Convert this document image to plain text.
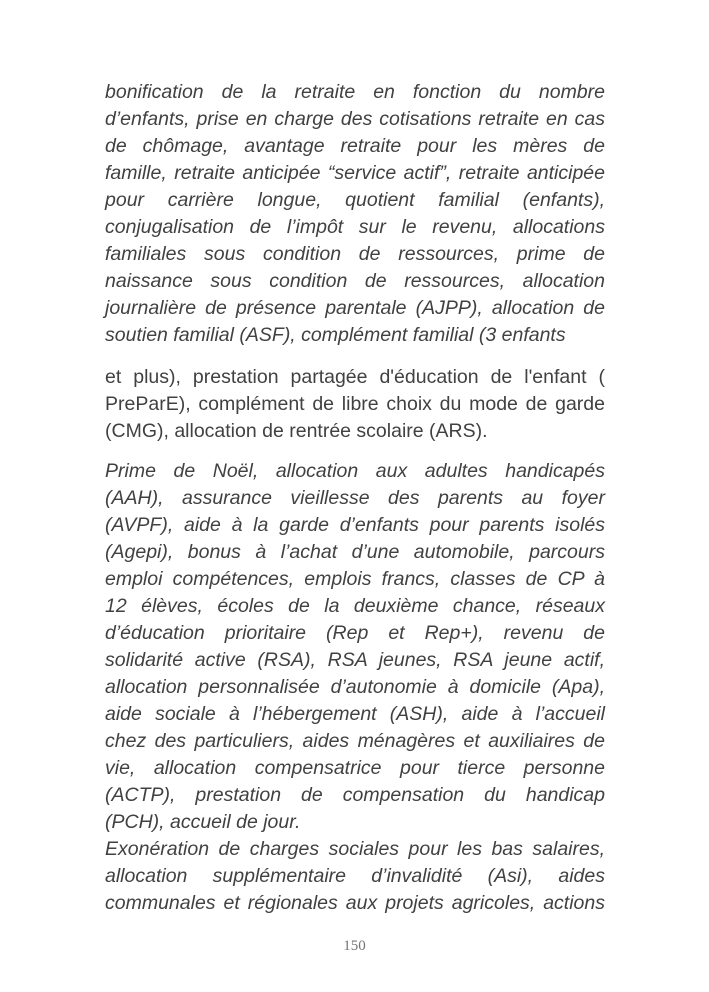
bonification de la retraite en fonction du nombre
d’enfants, prise en charge des cotisations retraite en cas
de chômage, avantage retraite pour les mères de
famille, retraite anticipée “service actif”, retraite anticipée
pour carrière longue, quotient familial (enfants),
conjugalisation de l’impôt sur le revenu, allocations
familiales sous condition de ressources, prime de
naissance sous condition de ressources, allocation
journalière de présence parentale (AJPP), allocation de
soutien familial (ASF), complément familial (3 enfants
et plus), prestation partagée d'éducation de l'enfant (
PreParE), complément de libre choix du mode de garde
(CMG), allocation de rentrée scolaire (ARS).
Prime de Noël, allocation aux adultes handicapés
(AAH), assurance vieillesse des parents au foyer
(AVPF), aide à la garde d’enfants pour parents isolés
(Agepi), bonus à l’achat d’une automobile, parcours
emploi compétences, emplois francs, classes de CP à
12 élèves, écoles de la deuxième chance, réseaux
d’éducation prioritaire (Rep et Rep+), revenu de
solidarité active (RSA), RSA jeunes, RSA jeune actif,
allocation personnalisée d’autonomie à domicile (Apa),
aide sociale à l’hébergement (ASH), aide à l’accueil
chez des particuliers, aides ménagères et auxiliaires de
vie, allocation compensatrice pour tierce personne
(ACTP), prestation de compensation du handicap
(PCH), accueil de jour.
Exonération de charges sociales pour les bas salaires,
allocation supplémentaire d’invalidité (Asi), aides
communales et régionales aux projets agricoles, actions
150
